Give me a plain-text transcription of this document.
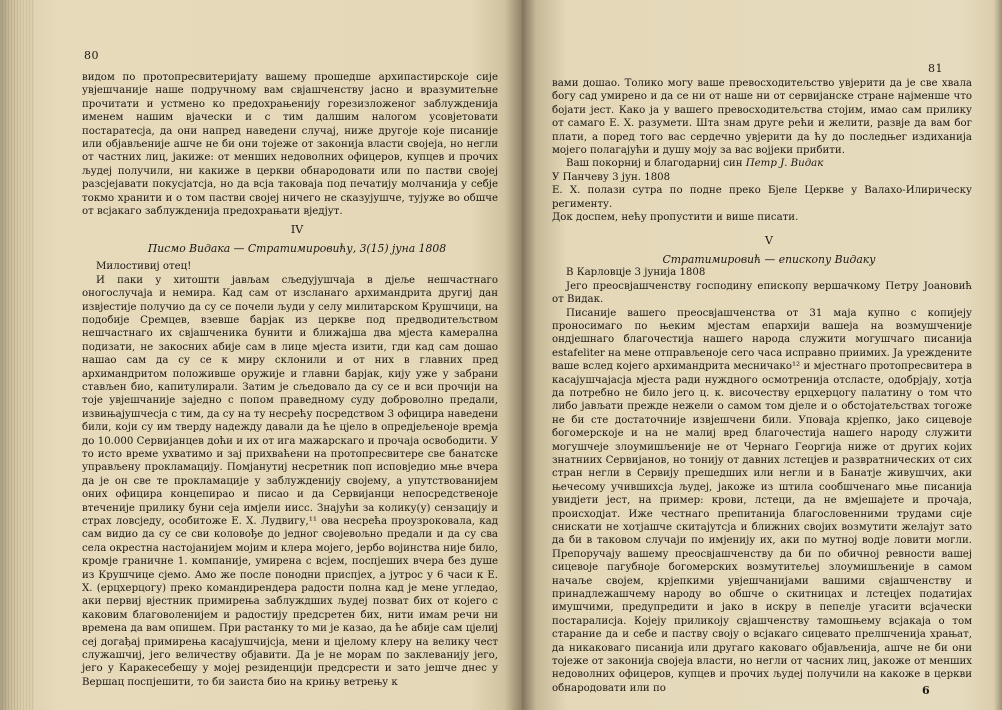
80

видом по протопресвитеријату вашему прошедше архипастирскоје сије увјешчаније наше подручному вам свјашченству јасно и вразумитељне прочитати и устмено ко предохрањенију горезизложеног заблужденија именем нашим вјачески и с тим далшим налогом усовјетовати постаратесја, да они напред наведени случај, ниже другоје које писаније или објављеније ашче не би они тојеже от законија власти својеја, но негли от частних лиц, јакиже: от менших недоволних офицеров, купцев и прочих људеј получили, ни какиже в церкви обнародовати или по пастви својеј разсјејавати покусјатсја, но да всја таковаја под печатију молчанија у себје токмо хранити и о том пастви својеј ничего не сказујушче, тујуже во обшче от всјакаго заблужденија предохрањати вједјут.

IV

Писмо Видака — Стратимировићу, 3(15) јуна 1808

Милостивиј отец!

И паки у хитошти јављам сљедујушчаја в дјеље нешчастнаго оногослучаја и немира. Кад сам от изсланаго архимандрита другиј дан извјестије получио да су се почели људи у селу милитарском Крушчици, на подобије Сремцев, взевше барјак из церкве под предводитељством нешчастнаго их свјашченика бунити и ближајша два мјеста камерална подизати, не закосних абије сам в лице мјеста изити, гди кад сам дошао нашао сам да су се к миру склонили и от них в главних пред архимандритом положивше оружије и главни барјак, кију уже у забрани стављен био, капитулирали. Затим је сљедовало да су се и вси прочији на тоје увјешчаније заједно с попом праведному суду доброволно предали, извињајушчесја с тим, да су на ту несрећу посредством 3 официра наведени били, који су им тверду надежду давали да ће цјело в опредјељеноје времја до 10.000 Сервијанцев доћи и их от ига мажарскаго и прочаја освободити. У то исто време ухватимо и зај прихваћени на протопресвитере све банатске управљену прокламацију. Помјанутиј несретник поп исповједио мње вчера да је он све те прокламације у заблужденију својему, а упутствованијем оних официра концепирао и писао и да Сервијанци непосредственоје втеченије прилику буни сеја имјели иисс. Знајући за колику(у) сензацију и страх ловсједу, особитоже Е. Х. Лудвигу,¹¹ ова несрећа проузроковала, кад сам видио да су се сви коловође до једног својевољно предали и да су сва села окрестна настојанијем мојим и клера мојего, јербо војинства није било, кромје граничне 1. компаније, умирена с всјем, поспјеших вчера без душе из Крушчице сјемо. Амо же после понодни приспјех, а јутрос у 6 часи к Е. Х. (ерцхерцогу) преко командирендера радости полна кад је мене угледао, аки первиј вјестник примирења заблуждших људеј позват бих от којего с каковим благоволенијем и радостију предсретен бих, нити имам речи ни времена да вам опишем. При растанку то ми је казао, да ће абије сам цјелиј сеј догађај примирења касајушчијсја, мени и цјелому клеру на велику чест служашчиј, јего величеству објавити. Да је не морам по заклеванију јего, јего у Каракесебешу у мојеј резиденцији предсрести и зато јешче днес у Вершац поспјешити, то би заиста био на крињу ветрењу к

81

вами дошао. Толико могу ваше превосходитељство увјерити да је све хвала богу сад умирено и да се ни от наше ни от сервијанске стране најменше что бојати јест. Како ја у вашего превосходитељства стојим, имао сам прилику от самаго Е. Х. разумети. Шта знам друге рећи и желити, развје да вам бог плати, а поред того вас сердечно увјерити да ћу до последњег издиханија мојего полагајући и душу мoју за вас војјеки прибити.

Ваш покорниј и благодарниј син Петр Ј. Видак

У Панчеву 3 јун. 1808

Е. Х. полази сутра по подне преко Бјеле Церкве у Валахо-Илирическу регименту.

Док доспем, нећу пропустити и више писати.

V

Стратимировић — епископу Видаку

В Карловцје 3 јунија 1808

Јего преосвјашченству господину епископу вершачкому Петру Јоановић от Видак.

Писаније вашего преосвјашченства от 31 маја купно с копијеју проносимаго по њеким мјестам епархији вашеја на возмушченије ондјешнаго благочестија нашего народа служити могушчаго писанија estafeliter на мене отправљеноје сего часа исправно приимих. Ја уреждените ваше вслед којего архимандрита месничако¹² и мјестнаго протопресвитера в касајушчајасја мјеста ради нуждного осмотренија отсласте, одобрјају, хотја да потребно не било јего ц. к. височеству ерцхерцогу палатину о том что либо јављати прежде нежели о самом том дјеле и о обстојатељствах тогоже не би сте достаточније извјешчени били. Уповаја крјепко, јако сицевоје богомерскоје и на не малиј вред благочестија нашего народу служити могушчеје злоумишљеније не от Чернаго Георгија ниже от других којих знатниих Сервијанов, но тонију от давних лстецјев и развратнических от сих стран негли в Сервију прешедших или негли и в Банатје живушчих, аки њечесому учившихсја људеј, јакоже из штила сообшченаго мње писанија увидјети јест, на пример: крови, лстеци, да не вмјешајете и прочаја, происходјат. Иже честнаго препитанија благословенними трудами сије снискати не хотјашче скитајутсја и ближних својих возмутити желајут зато да би в таковом случаји по имјенију их, аки по мутној водје ловити могли. Препоручају вашему преосвјашченству да би по обичној ревности вашеј сицевоје пагубноје богомерских возмутитељеј злоумишљеније в самом начаље својем, крјепкими увјешчанијами вашими свјашченству и принадлежашчему народу во обшче о скитницах и лстецјех податијах имушчими, предупредити и јако в искру в пепелје угасити всјачески постаралисја. Којеју приликоју свјашченству тамошњему всјакаја о том старание да и себе и паству своју о всјакаго сицевато прелшченија храњат, да никаковаго писанија или другаго каковаго објављенија, ашче не би они тојеже от законија својеја власти, но негли от часних лиц, јакоже от менших недоволних офицеров, купцев и прочих људеј получили на какоже в церкви обнародовати или по	6
